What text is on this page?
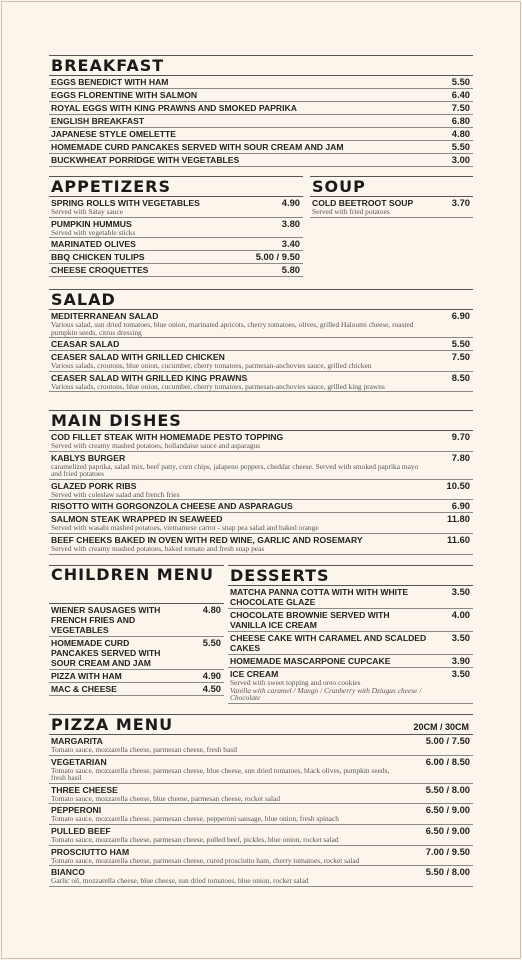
BREAKFAST
EGGS BENEDICT WITH HAM	5.50
EGGS FLORENTINE WITH SALMON	6.40
ROYAL EGGS WITH KING PRAWNS AND SMOKED PAPRIKA	7.50
ENGLISH BREAKFAST	6.80
JAPANESE STYLE OMELETTE	4.80
HOMEMADE CURD PANCAKES SERVED WITH SOUR CREAM AND JAM	5.50
BUCKWHEAT PORRIDGE WITH VEGETABLES	3.00
APPETIZERS
SPRING ROLLS WITH VEGETABLES
Served with Satay sauce
4.90
PUMPKIN HUMMUS
Served with vegetable sticks
3.80
MARINATED OLIVES	3.40
BBQ CHICKEN TULIPS	5.00 / 9.50
CHEESE CROQUETTES	5.80
SOUP
COLD BEETROOT SOUP
Served with fried potatoes
3.70
SALAD
MEDITERRANEAN SALAD
Various salad, sun dried tomatoes, blue onion, marinated apricots, cherry tomatoes, olives, grilled Haloumi cheese, roasted pumpkin seeds, citrus dressing
6.90
CEASAR SALAD	5.50
CEASER SALAD WITH GRILLED CHICKEN
Various salads, croutons, blue onion, cucumber, cherry tomatoes, parmesan-anchovies sauce, grilled chicken
7.50
CEASER SALAD WITH GRILLED KING PRAWNS
Various salads, croutons, blue onion, cucumber, cherry tomatoes, parmesan-anchovies sauce, grilled king prawns
8.50
MAIN DISHES
COD FILLET STEAK WITH HOMEMADE PESTO TOPPING
Served with creamy mashed potatoes, hollandaise sauce and asparagus
9.70
KABLYS BURGER
caramelized paprika, salad mix, beef patty, corn chips, jalapeno peppers, cheddar cheese. Served with smoked paprika mayo and fried potatoes
7.80
GLAZED PORK RIBS
Served with coleslaw salad and french fries
10.50
RISOTTO WITH GORGONZOLA CHEESE AND ASPARAGUS	6.90
SALMON STEAK WRAPPED IN SEAWEED
Served with wasabi mashed potatoes, vietnamese carrot - snap pea salad and baked orange
11.80
BEEF CHEEKS BAKED IN OVEN WITH RED WINE, GARLIC AND ROSEMARY
Served with creamy mashed potatoes, baked tomato and fresh snap peas
11.60
CHILDREN MENU
WIENER SAUSAGES WITH FRENCH FRIES AND VEGETABLES
4.80
HOMEMADE CURD PANCAKES SERVED WITH SOUR CREAM AND JAM
5.50
PIZZA WITH HAM	4.90
MAC & CHEESE	4.50
DESSERTS
MATCHA PANNA COTTA WITH WITH WHITE CHOCOLATE GLAZE
3.50
CHOCOLATE BROWNIE SERVED WITH VANILLA ICE CREAM
4.00
CHEESE CAKE WITH CARAMEL AND SCALDED CAKES
3.50
HOMEMADE MASCARPONE CUPCAKE	3.90
ICE CREAM
Served with sweet topping and oreo cookies
Vanilla with caramel / Mango / Cranberry with Dziugas cheese / Chocolate
3.50
PIZZA MENU	20CM / 30CM
MARGARITA
Tomato sauce, mozzarella cheese, parmesan cheese, fresh basil
5.00 / 7.50
VEGETARIAN
Tomato sauce, mozzarella cheese, parmesan cheese, blue cheese, sun dried tomatoes, black olives, pumpkin seeds, fresh basil
6.00 / 8.50
THREE CHEESE
Tomato sauce, mozzarella cheese, blue cheese, parmesan cheese, rocket salad
5.50 / 8.00
PEPPERONI
Tomato sauce, mozzarella cheese, parmesan cheese, pepperoni sausage, blue onion, fresh spinach
6.50 / 9.00
PULLED BEEF
Tomato sauce, mozzarella cheese, parmesan cheese, pulled beef, pickles, blue onion, rocket salad
6.50 / 9.00
PROSCIUTTO HAM
Tomato sauce, mozzarella cheese, parmesan cheese, cured prosciutto ham, cherry tomatoes, rocket salad
7.00 / 9.50
BIANCO
Garlic oil, mozzarella cheese, blue cheese, sun dried tomatoes, blue onion, rocket salad
5.50 / 8.00
